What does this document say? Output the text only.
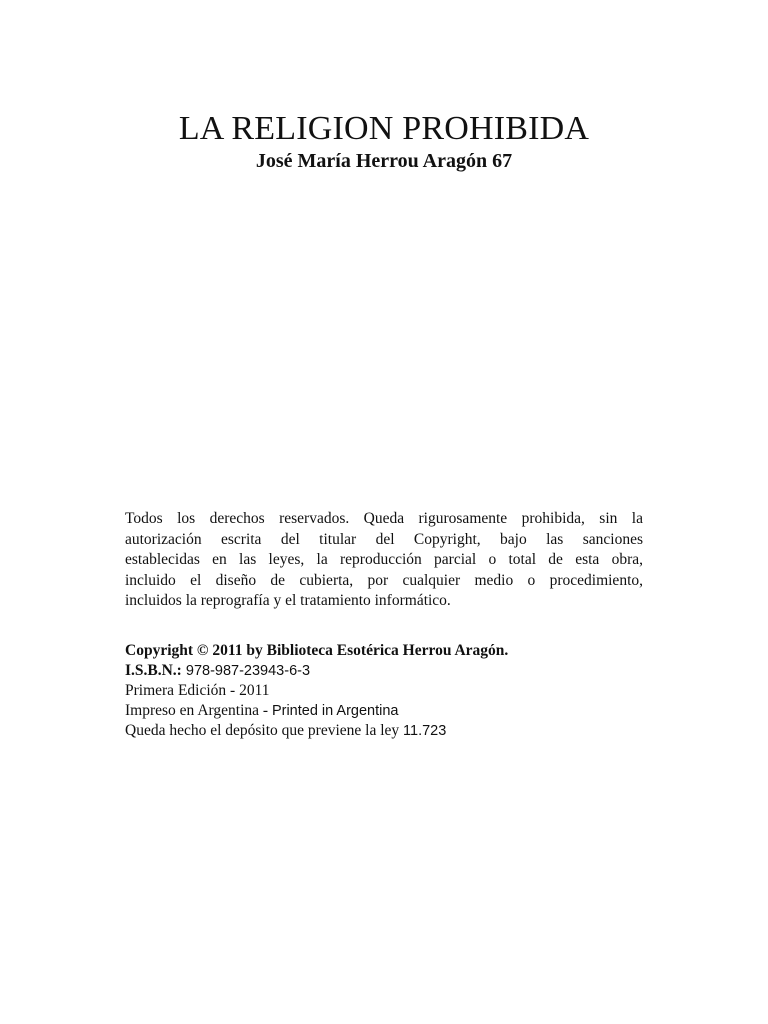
LA RELIGION PROHIBIDA
José María Herrou Aragón 67
Todos los derechos reservados. Queda rigurosamente prohibida, sin la
autorización escrita del titular del Copyright, bajo las sanciones
establecidas en las leyes, la reproducción parcial o total de esta obra,
incluido el diseño de cubierta, por cualquier medio o procedimiento,
incluidos la reprografía y el tratamiento informático.
Copyright © 2011 by Biblioteca Esotérica Herrou Aragón.
I.S.B.N.: 978-987-23943-6-3
Primera Edición - 2011
Impreso en Argentina - Printed in Argentina
Queda hecho el depósito que previene la ley 11.723
